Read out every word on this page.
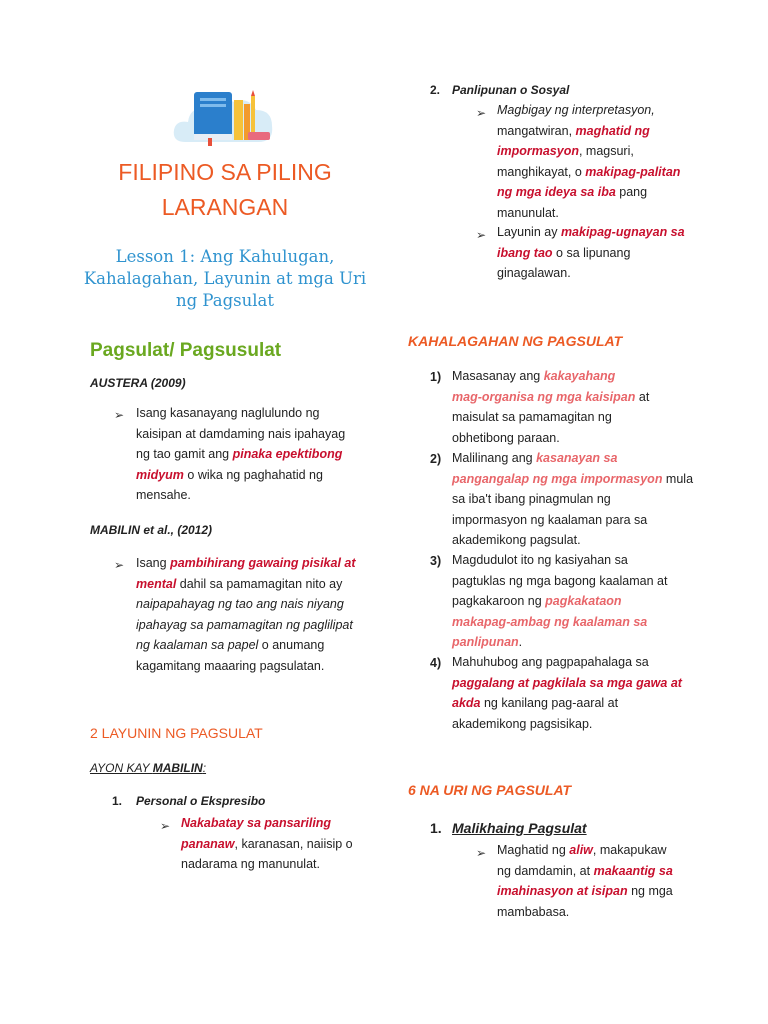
FILIPINO SA PILING
LARANGAN
Lesson 1: Ang Kahulugan,
Kahalagahan, Layunin at mga Uri
ng Pagsulat
Pagsulat/ Pagsusulat
AUSTERA (2009)
➢ Isang kasanayang naglulundo ng
kaisipan at damdaming nais ipahayag
ng tao gamit ang pinaka epektibong
midyum o wika ng paghahatid ng
mensahe.
MABILIN et al., (2012)
➢ Isang pambihirang gawaing pisikal at
mental dahil sa pamamagitan nito ay
naipapahayag ng tao ang nais niyang
ipahayag sa pamamagitan ng paglilipat
ng kaalaman sa papel o anumang
kagamitang maaaring pagsulatan.
2 LAYUNIN NG PAGSULAT
AYON KAY MABILIN:
1. Personal o Ekspresibo
➢ Nakabatay sa pansariling
pananaw, karanasan, naiisip o
nadarama ng manunulat.
2. Panlipunan o Sosyal
➢ Magbigay ng interpretasyon,
mangatwiran, maghatid ng
impormasyon, magsuri,
manghikayat, o makipag-palitan
ng mga ideya sa iba pang
manunulat.
➢ Layunin ay makipag-ugnayan sa
ibang tao o sa lipunang
ginagalawan.
KAHALAGAHAN NG PAGSULAT
1) Masasanay ang kakayahang
mag-organisa ng mga kaisipan at
maisulat sa pamamagitan ng
obhetibong paraan.
2) Malilinang ang kasanayan sa
pangangalap ng mga impormasyon mula
sa iba't ibang pinagmulan ng
impormasyon ng kaalaman para sa
akademikong pagsulat.
3) Magdudulot ito ng kasiyahan sa
pagtuklas ng mga bagong kaalaman at
pagkakaroon ng pagkakataon
makapag-ambag ng kaalaman sa
panlipunan.
4) Mahuhubog ang pagpapahalaga sa
paggalang at pagkilala sa mga gawa at
akda ng kanilang pag-aaral at
akademikong pagsisikap.
6 NA URI NG PAGSULAT
1. Malikhaing Pagsulat
➢ Maghatid ng aliw, makapukaw
ng damdamin, at makaantig sa
imahinasyon at isipan ng mga
mambabasa.
